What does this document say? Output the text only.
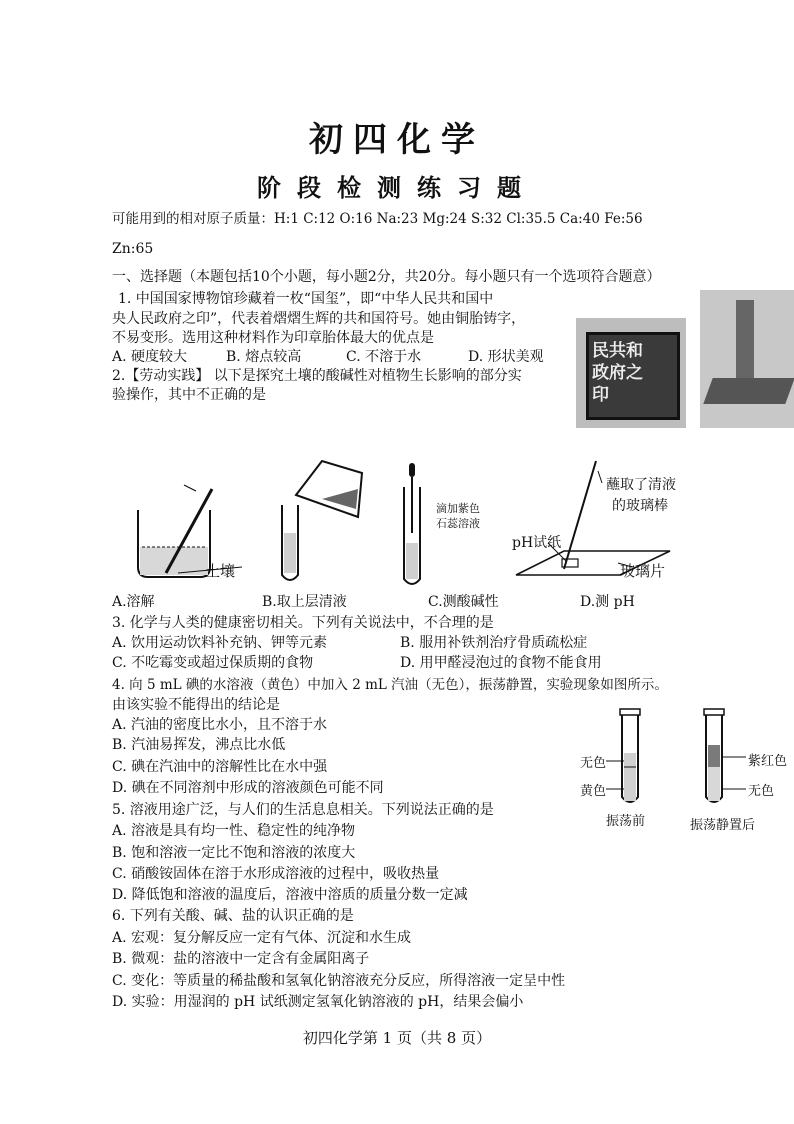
初四化学
阶段检测练习题
可能用到的相对原子质量：H:1 C:12 O:16 Na:23 Mg:24 S:32 Cl:35.5 Ca:40 Fe:56
Zn:65
一、选择题（本题包括10个小题，每小题2分，共20分。每小题只有一个选项符合题意）
1. 中国国家博物馆珍藏着一枚“国玺”，即“中华人民共和国中
央人民政府之印”，代表着熠熠生辉的共和国符号。她由铜胎铸字，
不易变形。选用这种材料作为印章胎体最大的优点是
A. 硬度较大	B. 熔点较高	C. 不溶于水	D. 形状美观	民共和
政府之
印
2.【劳动实践】 以下是探究土壤的酸碱性对植物生长影响的部分实
验操作，其中不正确的是
土壤
滴加紫色
石蕊溶液
蘸取了清液
的玻璃棒
pH试纸
玻璃片
A.溶解	B.取上层清液	C.测酸碱性	D.测 pH
3. 化学与人类的健康密切相关。下列有关说法中，不合理的是
A. 饮用运动饮料补充钠、钾等元素	B. 服用补铁剂治疗骨质疏松症
C. 不吃霉变或超过保质期的食物	D. 用甲醛浸泡过的食物不能食用
4. 向 5 mL 碘的水溶液（黄色）中加入 2 mL 汽油（无色），振荡静置，实验现象如图所示。
由该实验不能得出的结论是
A. 汽油的密度比水小，且不溶于水
B. 汽油易挥发，沸点比水低
C. 碘在汽油中的溶解性比在水中强
D. 碘在不同溶剂中形成的溶液颜色可能不同
无色
黄色
紫红色
无色
振荡前	振荡静置后
5. 溶液用途广泛，与人们的生活息息相关。下列说法正确的是
A. 溶液是具有均一性、稳定性的纯净物
B. 饱和溶液一定比不饱和溶液的浓度大
C. 硝酸铵固体在溶于水形成溶液的过程中，吸收热量
D. 降低饱和溶液的温度后，溶液中溶质的质量分数一定减
6. 下列有关酸、碱、盐的认识正确的是
A. 宏观：复分解反应一定有气体、沉淀和水生成
B. 微观：盐的溶液中一定含有金属阳离子
C. 变化：等质量的稀盐酸和氢氧化钠溶液充分反应，所得溶液一定呈中性
D. 实验：用湿润的 pH 试纸测定氢氧化钠溶液的 pH，结果会偏小
初四化学第 1 页（共 8 页）
